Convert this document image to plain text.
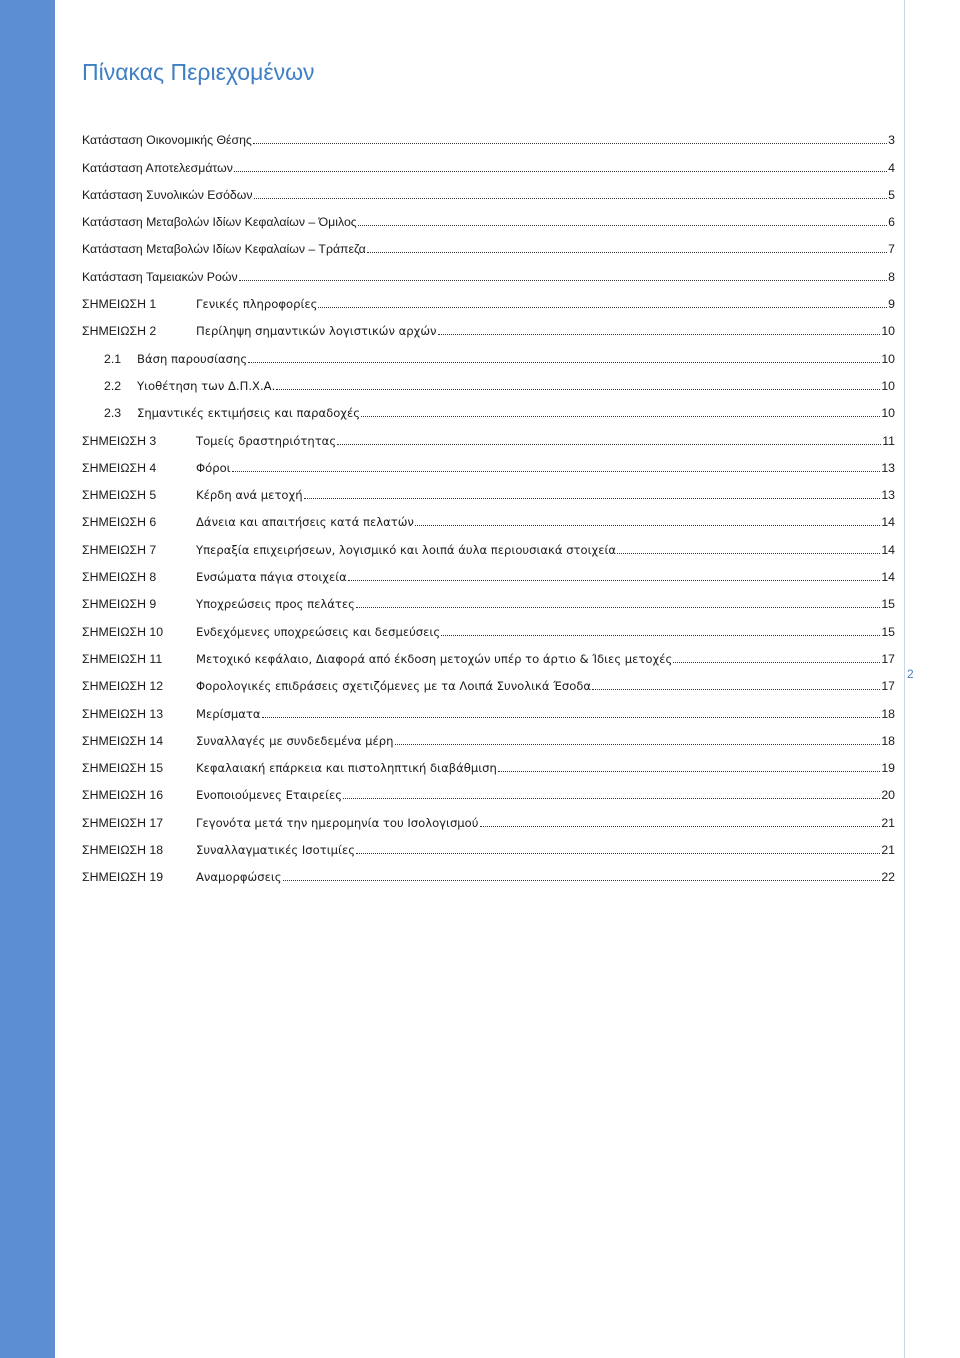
2
Πίνακας Περιεχομένων
Κατάσταση Οικονομικής Θέσης	3
Κατάσταση Αποτελεσμάτων	4
Κατάσταση Συνολικών Εσόδων	5
Κατάσταση Μεταβολών Ιδίων Κεφαλαίων – Όμιλος	6
Κατάσταση Μεταβολών Ιδίων Κεφαλαίων – Τράπεζα	7
Κατάσταση Ταμειακών Ροών	8
ΣΗΜΕΙΩΣΗ 1	Γενικές πληροφορίες	9
ΣΗΜΕΙΩΣΗ 2	Περίληψη σημαντικών λογιστικών αρχών	10
2.1	Βάση παρουσίασης	10
2.2	Υιοθέτηση των Δ.Π.Χ.Α.	10
2.3	Σημαντικές εκτιμήσεις και παραδοχές	10
ΣΗΜΕΙΩΣΗ 3	Τομείς δραστηριότητας	11
ΣΗΜΕΙΩΣΗ 4	Φόροι	13
ΣΗΜΕΙΩΣΗ 5	Κέρδη ανά μετοχή	13
ΣΗΜΕΙΩΣΗ 6	Δάνεια και απαιτήσεις κατά πελατών	14
ΣΗΜΕΙΩΣΗ 7	Υπεραξία επιχειρήσεων, λογισμικό και λοιπά άυλα περιουσιακά στοιχεία	14
ΣΗΜΕΙΩΣΗ 8	Ενσώματα πάγια στοιχεία	14
ΣΗΜΕΙΩΣΗ 9	Υποχρεώσεις προς πελάτες	15
ΣΗΜΕΙΩΣΗ 10	Ενδεχόμενες υποχρεώσεις και δεσμεύσεις	15
ΣΗΜΕΙΩΣΗ 11	Μετοχικό κεφάλαιο, Διαφορά από έκδοση μετοχών υπέρ το άρτιο & Ίδιες μετοχές	17
ΣΗΜΕΙΩΣΗ 12	Φορολογικές επιδράσεις σχετιζόμενες με τα Λοιπά Συνολικά Έσοδα	17
ΣΗΜΕΙΩΣΗ 13	Μερίσματα	18
ΣΗΜΕΙΩΣΗ 14	Συναλλαγές με συνδεδεμένα μέρη	18
ΣΗΜΕΙΩΣΗ 15	Κεφαλαιακή επάρκεια και πιστοληπτική διαβάθμιση	19
ΣΗΜΕΙΩΣΗ 16	Ενοποιούμενες Εταιρείες	20
ΣΗΜΕΙΩΣΗ 17	Γεγονότα μετά την ημερομηνία του Ισολογισμού	21
ΣΗΜΕΙΩΣΗ 18	Συναλλαγματικές Ισοτιμίες	21
ΣΗΜΕΙΩΣΗ 19	Αναμορφώσεις	22
